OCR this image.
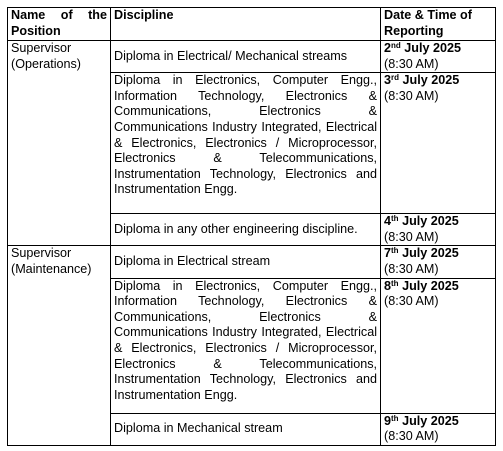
Name of the Position	Discipline	Date & Time of Reporting
Supervisor (Operations)	Diploma in Electrical/ Mechanical streams	2nd July 2025
(8:30 AM)

	Diploma in Electronics, Computer Engg., Information Technology, Electronics & Communications, Electronics & Communications Industry Integrated, Electrical & Electronics, Electronics / Microprocessor, Electronics & Telecommunications, Instrumentation Technology, Electronics and Instrumentation Engg.	3rd July 2025
(8:30 AM)

	Diploma in any other engineering discipline.	4th July 2025
(8:30 AM)

Supervisor (Maintenance)	Diploma in Electrical stream	7th July 2025
(8:30 AM)

	Diploma in Electronics, Computer Engg., Information Technology, Electronics & Communications, Electronics & Communications Industry Integrated, Electrical & Electronics, Electronics / Microprocessor, Electronics & Telecommunications, Instrumentation Technology, Electronics and Instrumentation Engg.	8th July 2025
(8:30 AM)

	Diploma in Mechanical stream	9th July 2025
(8:30 AM)
